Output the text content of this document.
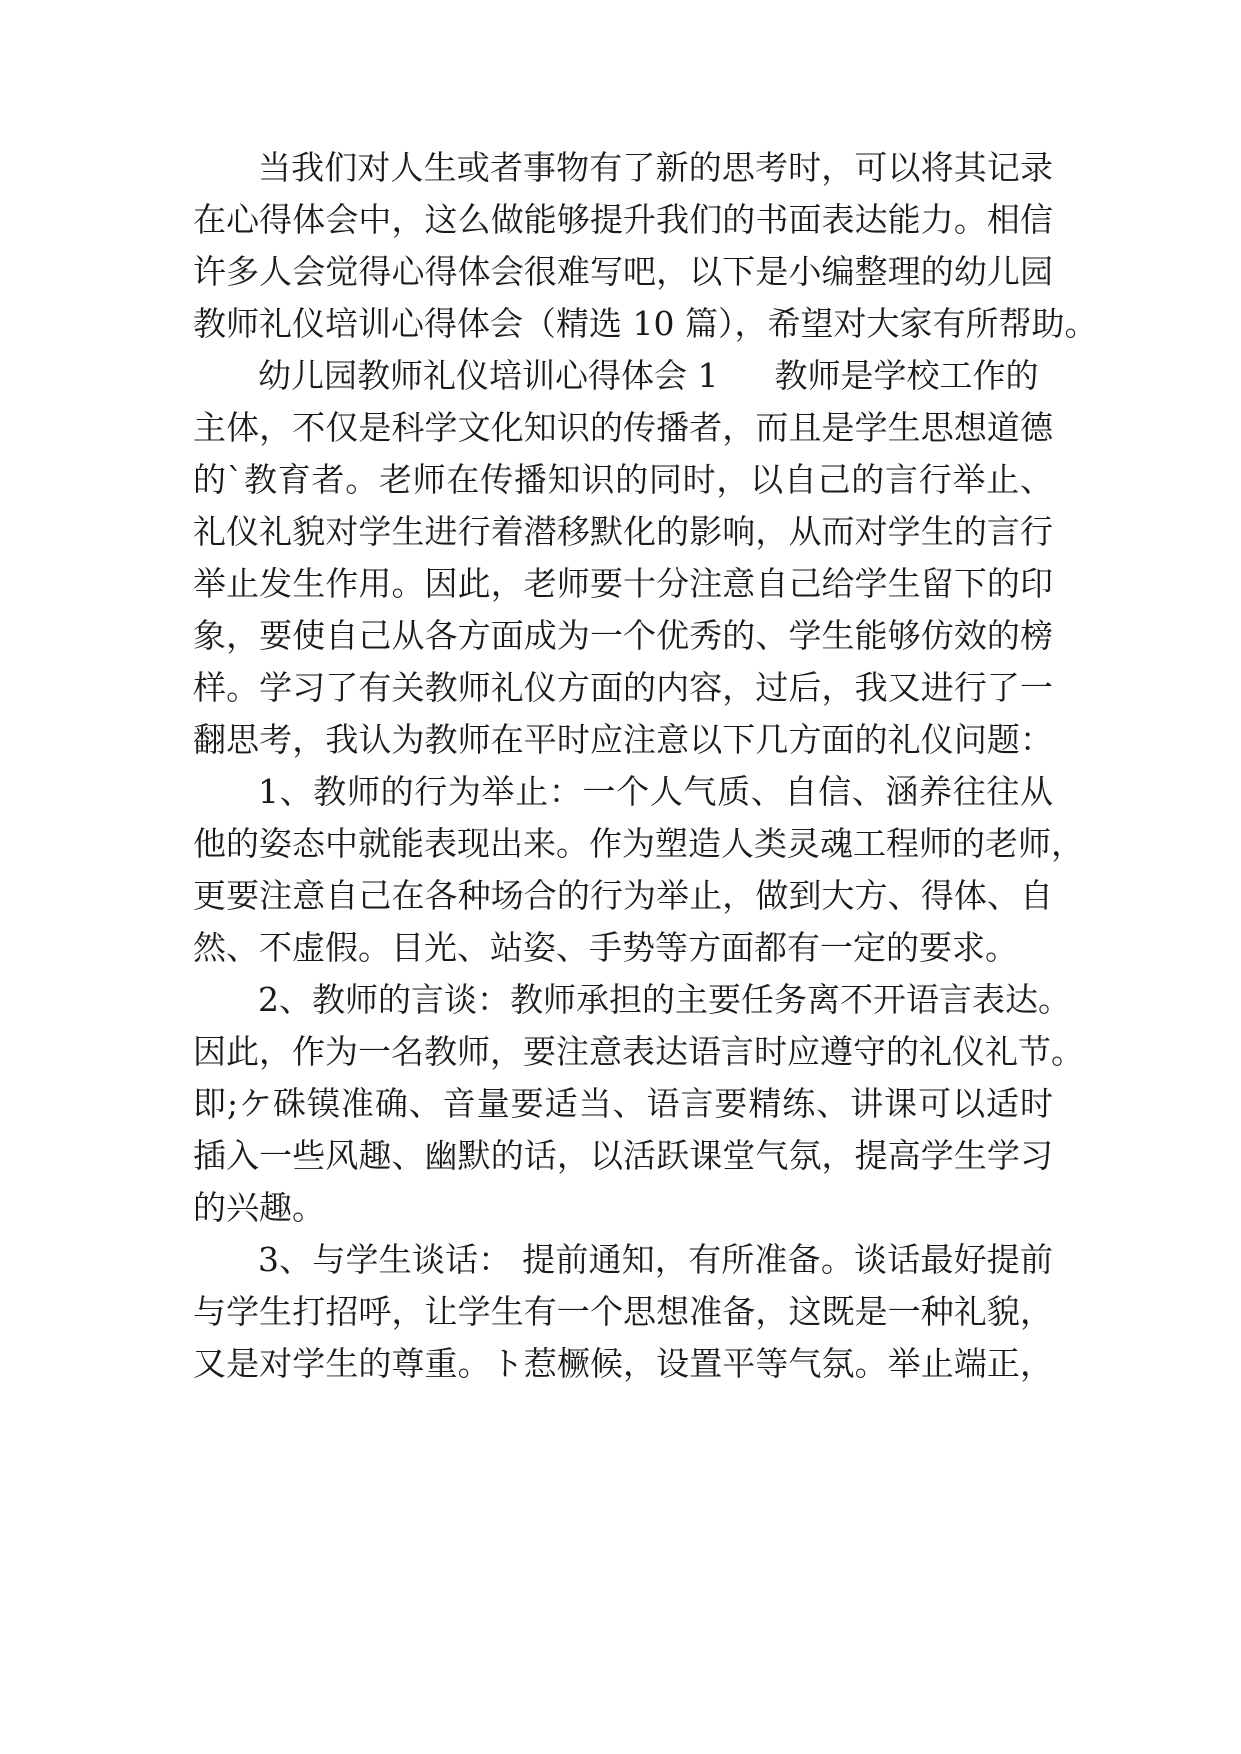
当我们对人生或者事物有了新的思考时，可以将其记录

在心得体会中，这么做能够提升我们的书面表达能力。相信

许多人会觉得心得体会很难写吧，以下是小编整理的幼儿园

教师礼仪培训心得体会（精选 10 篇），希望对大家有所帮助。

幼儿园教师礼仪培训心得体会 1 教师是学校工作的

主体，不仅是科学文化知识的传播者，而且是学生思想道德

的`教育者。老师在传播知识的同时，以自己的言行举止、

礼仪礼貌对学生进行着潜移默化的影响，从而对学生的言行

举止发生作用。因此，老师要十分注意自己给学生留下的印

象，要使自己从各方面成为一个优秀的、学生能够仿效的榜

样。学习了有关教师礼仪方面的内容，过后，我又进行了一

翻思考，我认为教师在平时应注意以下几方面的礼仪问题：

1、教师的行为举止：一个人气质、自信、涵养往往从

他的姿态中就能表现出来。作为塑造人类灵魂工程师的老师，

更要注意自己在各种场合的行为举止，做到大方、得体、自

然、不虚假。目光、站姿、手势等方面都有一定的要求。

2、教师的言谈：教师承担的主要任务离不开语言表达。

因此，作为一名教师，要注意表达语言时应遵守的礼仪礼节。

即;ケ硃镆准确、音量要适当、语言要精练、讲课可以适时

插入一些风趣、幽默的话，以活跃课堂气氛，提高学生学习

的兴趣。

3、与学生谈话： 提前通知，有所准备。谈话最好提前

与学生打招呼，让学生有一个思想准备，这既是一种礼貌，

又是对学生的尊重。ト惹橛候，设置平等气氛。举止端正，
